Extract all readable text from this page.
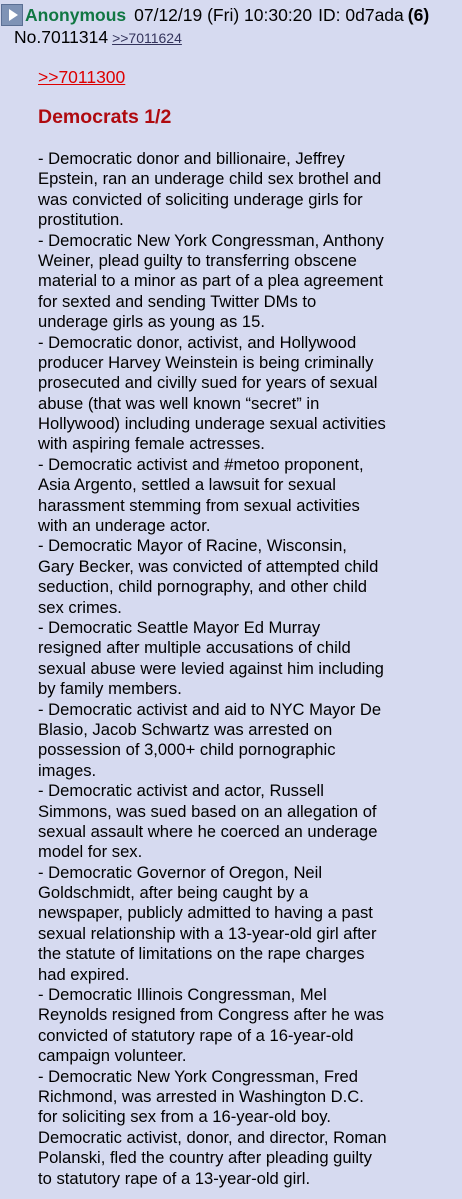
Anonymous 07/12/19 (Fri) 10:30:20 ID: 0d7ada (6)
No.7011314 >>7011624
>>7011300
Democrats 1/2
- Democratic donor and billionaire, Jeffrey
Epstein, ran an underage child sex brothel and
was convicted of soliciting underage girls for
prostitution.
- Democratic New York Congressman, Anthony
Weiner, plead guilty to transferring obscene
material to a minor as part of a plea agreement
for sexted and sending Twitter DMs to
underage girls as young as 15.
- Democratic donor, activist, and Hollywood
producer Harvey Weinstein is being criminally
prosecuted and civilly sued for years of sexual
abuse (that was well known “secret” in
Hollywood) including underage sexual activities
with aspiring female actresses.
- Democratic activist and #metoo proponent,
Asia Argento, settled a lawsuit for sexual
harassment stemming from sexual activities
with an underage actor.
- Democratic Mayor of Racine, Wisconsin,
Gary Becker, was convicted of attempted child
seduction, child pornography, and other child
sex crimes.
- Democratic Seattle Mayor Ed Murray
resigned after multiple accusations of child
sexual abuse were levied against him including
by family members.
- Democratic activist and aid to NYC Mayor De
Blasio, Jacob Schwartz was arrested on
possession of 3,000+ child pornographic
images.
- Democratic activist and actor, Russell
Simmons, was sued based on an allegation of
sexual assault where he coerced an underage
model for sex.
- Democratic Governor of Oregon, Neil
Goldschmidt, after being caught by a
newspaper, publicly admitted to having a past
sexual relationship with a 13-year-old girl after
the statute of limitations on the rape charges
had expired.
- Democratic Illinois Congressman, Mel
Reynolds resigned from Congress after he was
convicted of statutory rape of a 16-year-old
campaign volunteer.
- Democratic New York Congressman, Fred
Richmond, was arrested in Washington D.C.
for soliciting sex from a 16-year-old boy.
Democratic activist, donor, and director, Roman
Polanski, fled the country after pleading guilty
to statutory rape of a 13-year-old girl.
